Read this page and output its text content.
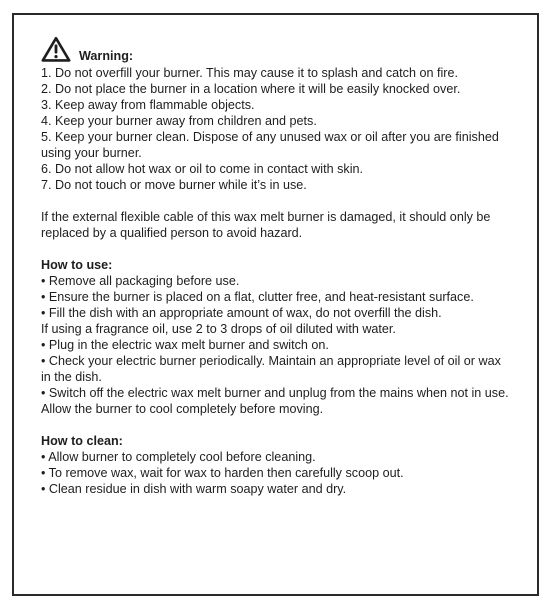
Warning:
1. Do not overfill your burner. This may cause it to splash and catch on fire.
2. Do not place the burner in a location where it will be easily knocked over.
3. Keep away from flammable objects.
4. Keep your burner away from children and pets.
5. Keep your burner clean. Dispose of any unused wax or oil after you are finished using your burner.
6. Do not allow hot wax or oil to come in contact with skin.
7. Do not touch or move burner while it’s in use.
If the external flexible cable of this wax melt burner is damaged, it should only be replaced by a qualified person to avoid hazard.
How to use:
• Remove all packaging before use.
• Ensure the burner is placed on a flat, clutter free, and heat-resistant surface.
• Fill the dish with an appropriate amount of wax, do not overfill the dish.
If using a fragrance oil, use 2 to 3 drops of oil diluted with water.
• Plug in the electric wax melt burner and switch on.
• Check your electric burner periodically. Maintain an appropriate level of oil or wax in the dish.
• Switch off the electric wax melt burner and unplug from the mains when not in use. Allow the burner to cool completely before moving.
How to clean:
• Allow burner to completely cool before cleaning.
• To remove wax, wait for wax to harden then carefully scoop out.
• Clean residue in dish with warm soapy water and dry.
